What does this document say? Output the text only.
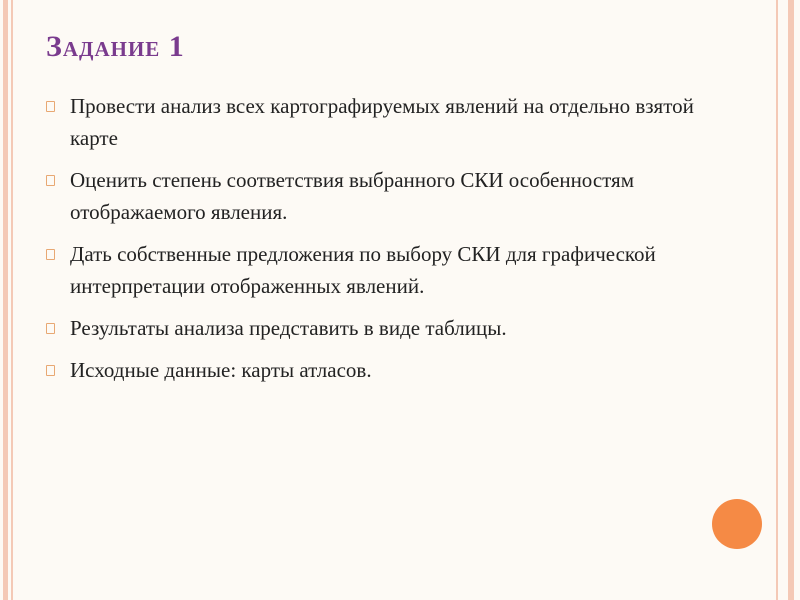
Задание 1
Провести анализ всех картографируемых явлений на отдельно взятой карте
Оценить степень соответствия выбранного СКИ особенностям отображаемого явления.
Дать собственные предложения по выбору СКИ для графической интерпретации отображенных явлений.
Результаты анализа представить в виде таблицы.
Исходные данные: карты атласов.
